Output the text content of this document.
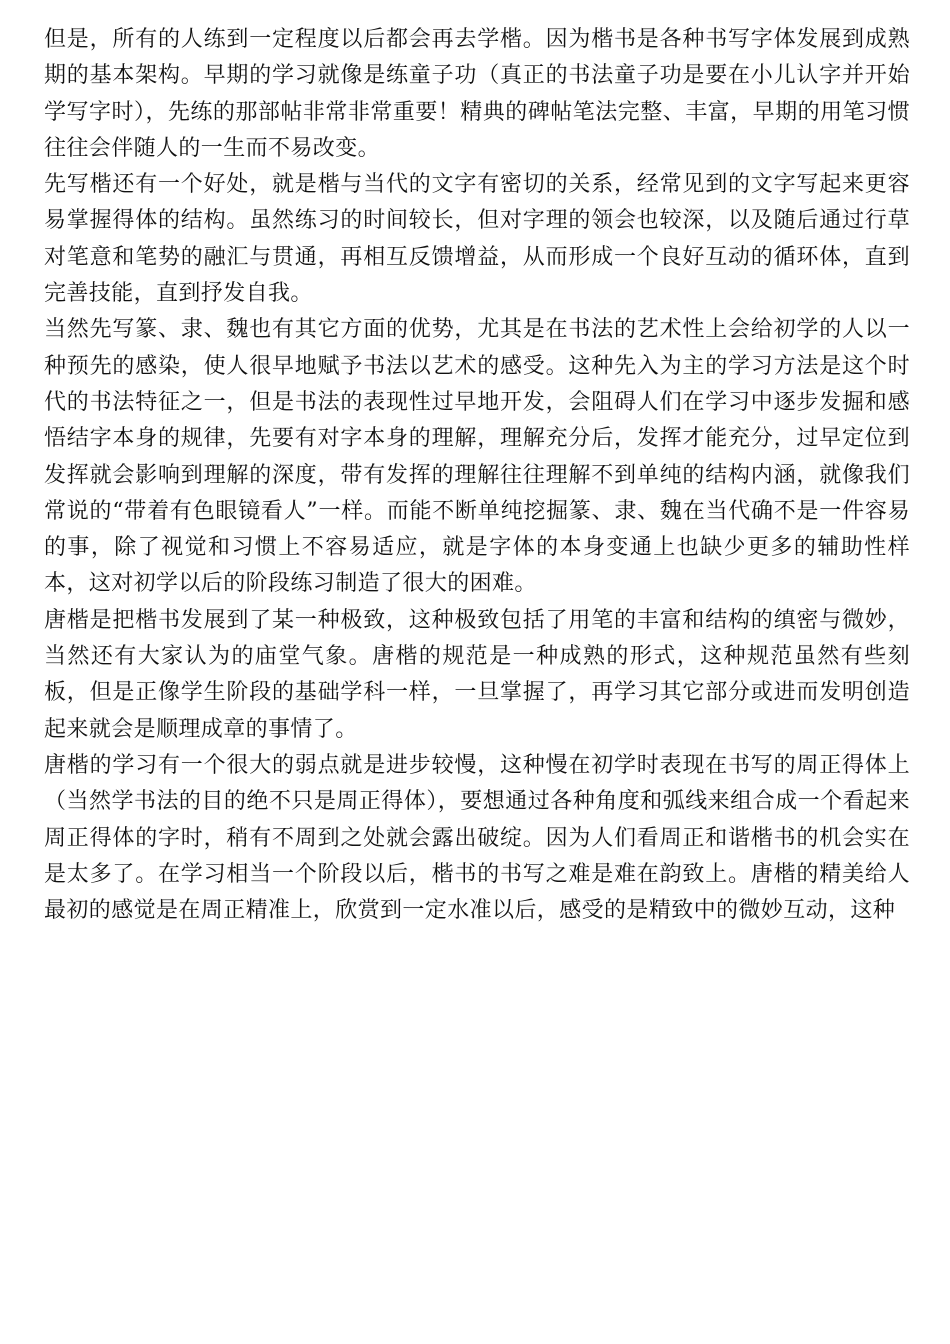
但是，所有的人练到一定程度以后都会再去学楷。因为楷书是各种书写字体发展到成熟期的基本架构。早期的学习就像是练童子功（真正的书法童子功是要在小儿认字并开始学写字时），先练的那部帖非常非常重要！精典的碑帖笔法完整、丰富，早期的用笔习惯往往会伴随人的一生而不易改变。

先写楷还有一个好处，就是楷与当代的文字有密切的关系，经常见到的文字写起来更容易掌握得体的结构。虽然练习的时间较长，但对字理的领会也较深，以及随后通过行草对笔意和笔势的融汇与贯通，再相互反馈增益，从而形成一个良好互动的循环体，直到完善技能，直到抒发自我。

当然先写篆、隶、魏也有其它方面的优势，尤其是在书法的艺术性上会给初学的人以一种预先的感染，使人很早地赋予书法以艺术的感受。这种先入为主的学习方法是这个时代的书法特征之一，但是书法的表现性过早地开发，会阻碍人们在学习中逐步发掘和感悟结字本身的规律，先要有对字本身的理解，理解充分后，发挥才能充分，过早定位到发挥就会影响到理解的深度，带有发挥的理解往往理解不到单纯的结构内涵，就像我们常说的“带着有色眼镜看人”一样。而能不断单纯挖掘篆、隶、魏在当代确不是一件容易的事，除了视觉和习惯上不容易适应，就是字体的本身变通上也缺少更多的辅助性样本，这对初学以后的阶段练习制造了很大的困难。

唐楷是把楷书发展到了某一种极致，这种极致包括了用笔的丰富和结构的缜密与微妙，当然还有大家认为的庙堂气象。唐楷的规范是一种成熟的形式，这种规范虽然有些刻板，但是正像学生阶段的基础学科一样，一旦掌握了，再学习其它部分或进而发明创造起来就会是顺理成章的事情了。

唐楷的学习有一个很大的弱点就是进步较慢，这种慢在初学时表现在书写的周正得体上（当然学书法的目的绝不只是周正得体），要想通过各种角度和弧线来组合成一个看起来周正得体的字时，稍有不周到之处就会露出破绽。因为人们看周正和谐楷书的机会实在是太多了。在学习相当一个阶段以后，楷书的书写之难是难在韵致上。唐楷的精美给人最初的感觉是在周正精准上，欣赏到一定水准以后，感受的是精致中的微妙互动，这种
